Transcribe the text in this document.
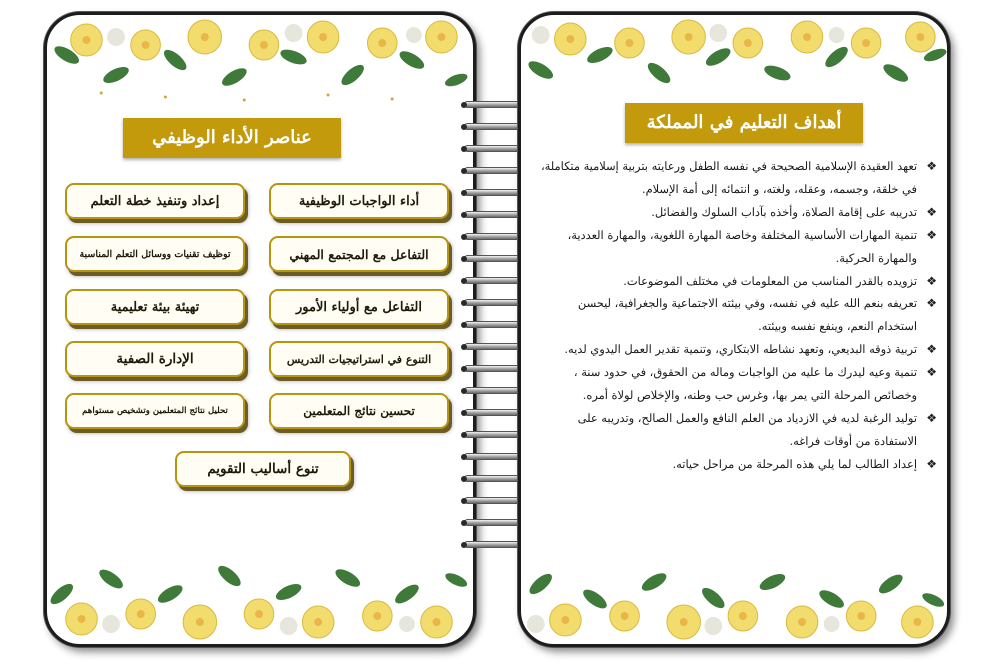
عناصر الأداء الوظيفي
أداء الواجبات الوظيفية
إعداد وتنفيذ خطة التعلم
التفاعل مع المجتمع المهني
توظيف تقنيات ووسائل التعلم المناسبة
التفاعل مع أولياء الأمور
تهيئة بيئة تعليمية
التنوع في استراتيجيات التدريس
الإدارة الصفية
تحسين نتائج المتعلمين
تحليل نتائج المتعلمين وتشخيص مستواهم
تنوع أساليب التقويم
أهداف التعليم في المملكة
❖
تعهد العقيدة الإسلامية الصحيحة في نفسه الطفل ورعايته بتربية إسلامية متكاملة، في خلقة، وجسمه، وعقله، ولغته، و انتمائه إلى أمة الإسلام.
❖
تدريبه على إقامة الصلاة، وأخذه بآداب السلوك والفضائل.
❖
تنمية المهارات الأساسية المختلفة وخاصة المهارة اللغوية، والمهارة العددية، والمهارة الحركية.
❖
تزويده بالقدر المناسب من المعلومات في مختلف الموضوعات.
❖
تعريفه بنعم الله عليه في نفسه، وفي بيئته الاجتماعية والجغرافية، ليحسن استخدام النعم، وينفع نفسه وبيئته.
❖
تربية ذوقه البديعي، وتعهد نشاطه الابتكاري، وتنمية تقدير العمل اليدوي لديه.
❖
تنمية وعيه ليدرك ما عليه من الواجبات وماله من الحقوق، في حدود سنة ، وخصائص المرحلة التي يمر بها، وغرس حب وطنه، والإخلاص لولاة أمره.
❖
توليد الرغبة لديه في الازدياد من العلم النافع والعمل الصالح، وتدريبه على الاستفادة من أوقات فراغه.
❖
إعداد الطالب لما يلي هذه المرحلة من مراحل حياته.
